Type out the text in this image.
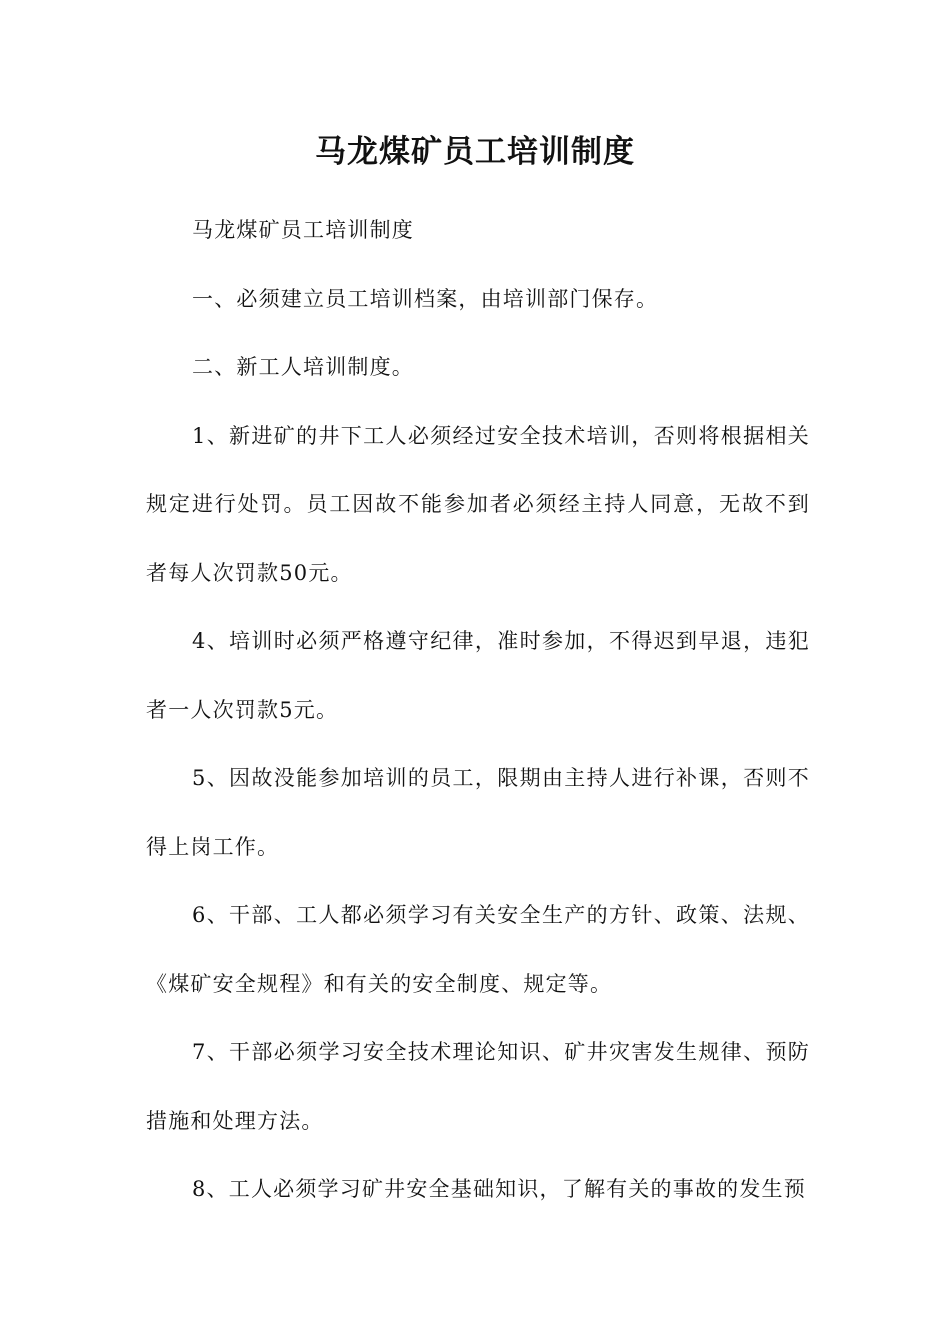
马龙煤矿员工培训制度

马龙煤矿员工培训制度

一、必须建立员工培训档案，由培训部门保存。

二、新工人培训制度。

1、新进矿的井下工人必须经过安全技术培训，否则将根据相关规定进行处罚。员工因故不能参加者必须经主持人同意，无故不到者每人次罚款50元。

4、培训时必须严格遵守纪律，准时参加，不得迟到早退，违犯者一人次罚款5元。

5、因故没能参加培训的员工，限期由主持人进行补课，否则不得上岗工作。

6、干部、工人都必须学习有关安全生产的方针、政策、法规、《煤矿安全规程》和有关的安全制度、规定等。

7、干部必须学习安全技术理论知识、矿井灾害发生规律、预防措施和处理方法。

8、工人必须学习矿井安全基础知识，了解有关的事故的发生预
